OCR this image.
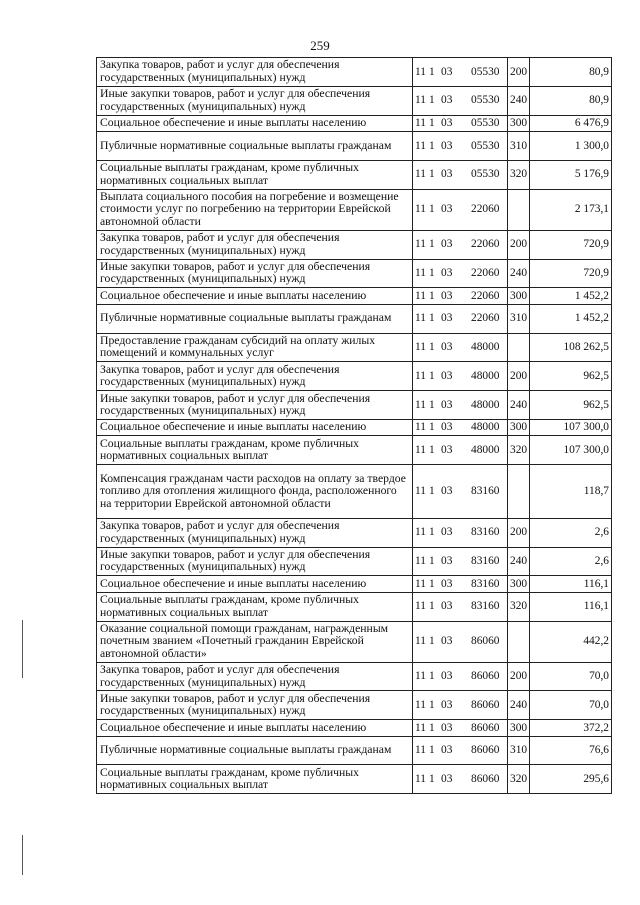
259
Закупка товаров, работ и услуг для обеспечения государственных (муниципальных) нужд	11 1 03 05530	200	80,9
Иные закупки товаров, работ и услуг для обеспечения государственных (муниципальных) нужд	11 1 03 05530	240	80,9
Социальное обеспечение и иные выплаты населению	11 1 03 05530	300	6 476,9
Публичные нормативные социальные выплаты гражданам	11 1 03 05530	310	1 300,0
Социальные выплаты гражданам, кроме публичных нормативных социальных выплат	11 1 03 05530	320	5 176,9
Выплата социального пособия на погребение и возмещение стоимости услуг по погребению на территории Еврейской автономной области	11 1 03 22060		2 173,1
Закупка товаров, работ и услуг для обеспечения государственных (муниципальных) нужд	11 1 03 22060	200	720,9
Иные закупки товаров, работ и услуг для обеспечения государственных (муниципальных) нужд	11 1 03 22060	240	720,9
Социальное обеспечение и иные выплаты населению	11 1 03 22060	300	1 452,2
Публичные нормативные социальные выплаты гражданам	11 1 03 22060	310	1 452,2
Предоставление гражданам субсидий на оплату жилых помещений и коммунальных услуг	11 1 03 48000		108 262,5
Закупка товаров, работ и услуг для обеспечения государственных (муниципальных) нужд	11 1 03 48000	200	962,5
Иные закупки товаров, работ и услуг для обеспечения государственных (муниципальных) нужд	11 1 03 48000	240	962,5
Социальное обеспечение и иные выплаты населению	11 1 03 48000	300	107 300,0
Социальные выплаты гражданам, кроме публичных нормативных социальных выплат	11 1 03 48000	320	107 300,0
Компенсация гражданам части расходов на оплату за твердое топливо для отопления жилищного фонда, расположенного на территории Еврейской автономной области	11 1 03 83160		118,7
Закупка товаров, работ и услуг для обеспечения государственных (муниципальных) нужд	11 1 03 83160	200	2,6
Иные закупки товаров, работ и услуг для обеспечения государственных (муниципальных) нужд	11 1 03 83160	240	2,6
Социальное обеспечение и иные выплаты населению	11 1 03 83160	300	116,1
Социальные выплаты гражданам, кроме публичных нормативных социальных выплат	11 1 03 83160	320	116,1
Оказание социальной помощи гражданам, награжденным почетным званием «Почетный гражданин Еврейской автономной области»	11 1 03 86060		442,2
Закупка товаров, работ и услуг для обеспечения государственных (муниципальных) нужд	11 1 03 86060	200	70,0
Иные закупки товаров, работ и услуг для обеспечения государственных (муниципальных) нужд	11 1 03 86060	240	70,0
Социальное обеспечение и иные выплаты населению	11 1 03 86060	300	372,2
Публичные нормативные социальные выплаты гражданам	11 1 03 86060	310	76,6
Социальные выплаты гражданам, кроме публичных нормативных социальных выплат	11 1 03 86060	320	295,6
